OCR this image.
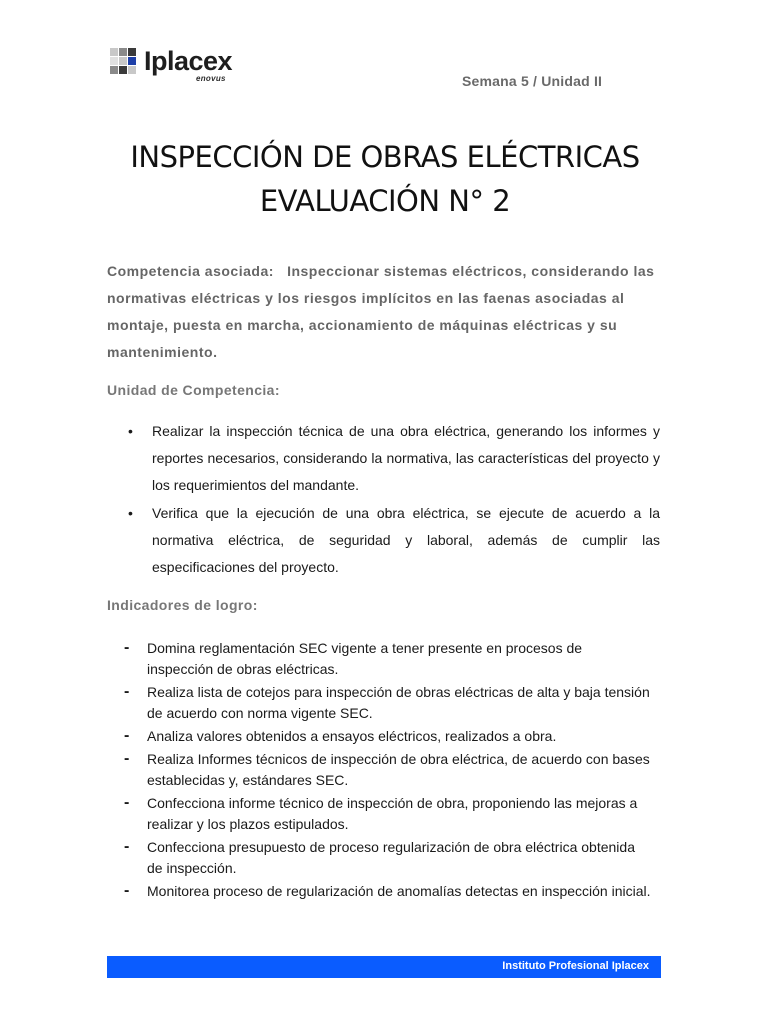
Iplacex
enovus	Semana 5 / Unidad II
INSPECCIÓN DE OBRAS ELÉCTRICAS
EVALUACIÓN N° 2

Competencia asociada: Inspeccionar sistemas eléctricos, considerando las normativas eléctricas y los riesgos implícitos en las faenas asociadas al montaje, puesta en marcha, accionamiento de máquinas eléctricas y su mantenimiento.

Unidad de Competencia:
• Realizar la inspección técnica de una obra eléctrica, generando los informes y reportes necesarios, considerando la normativa, las características del proyecto y los requerimientos del mandante.
• Verifica que la ejecución de una obra eléctrica, se ejecute de acuerdo a la normativa eléctrica, de seguridad y laboral, además de cumplir las especificaciones del proyecto.
Indicadores de logro:
- Domina reglamentación SEC vigente a tener presente en procesos de inspección de obras eléctricas.
- Realiza lista de cotejos para inspección de obras eléctricas de alta y baja tensión de acuerdo con norma vigente SEC.
- Analiza valores obtenidos a ensayos eléctricos, realizados a obra.
- Realiza Informes técnicos de inspección de obra eléctrica, de acuerdo con bases establecidas y, estándares SEC.
- Confecciona informe técnico de inspección de obra, proponiendo las mejoras a realizar y los plazos estipulados.
- Confecciona presupuesto de proceso regularización de obra eléctrica obtenida de inspección.
- Monitorea proceso de regularización de anomalías detectas en inspección inicial.
Instituto Profesional Iplacex
